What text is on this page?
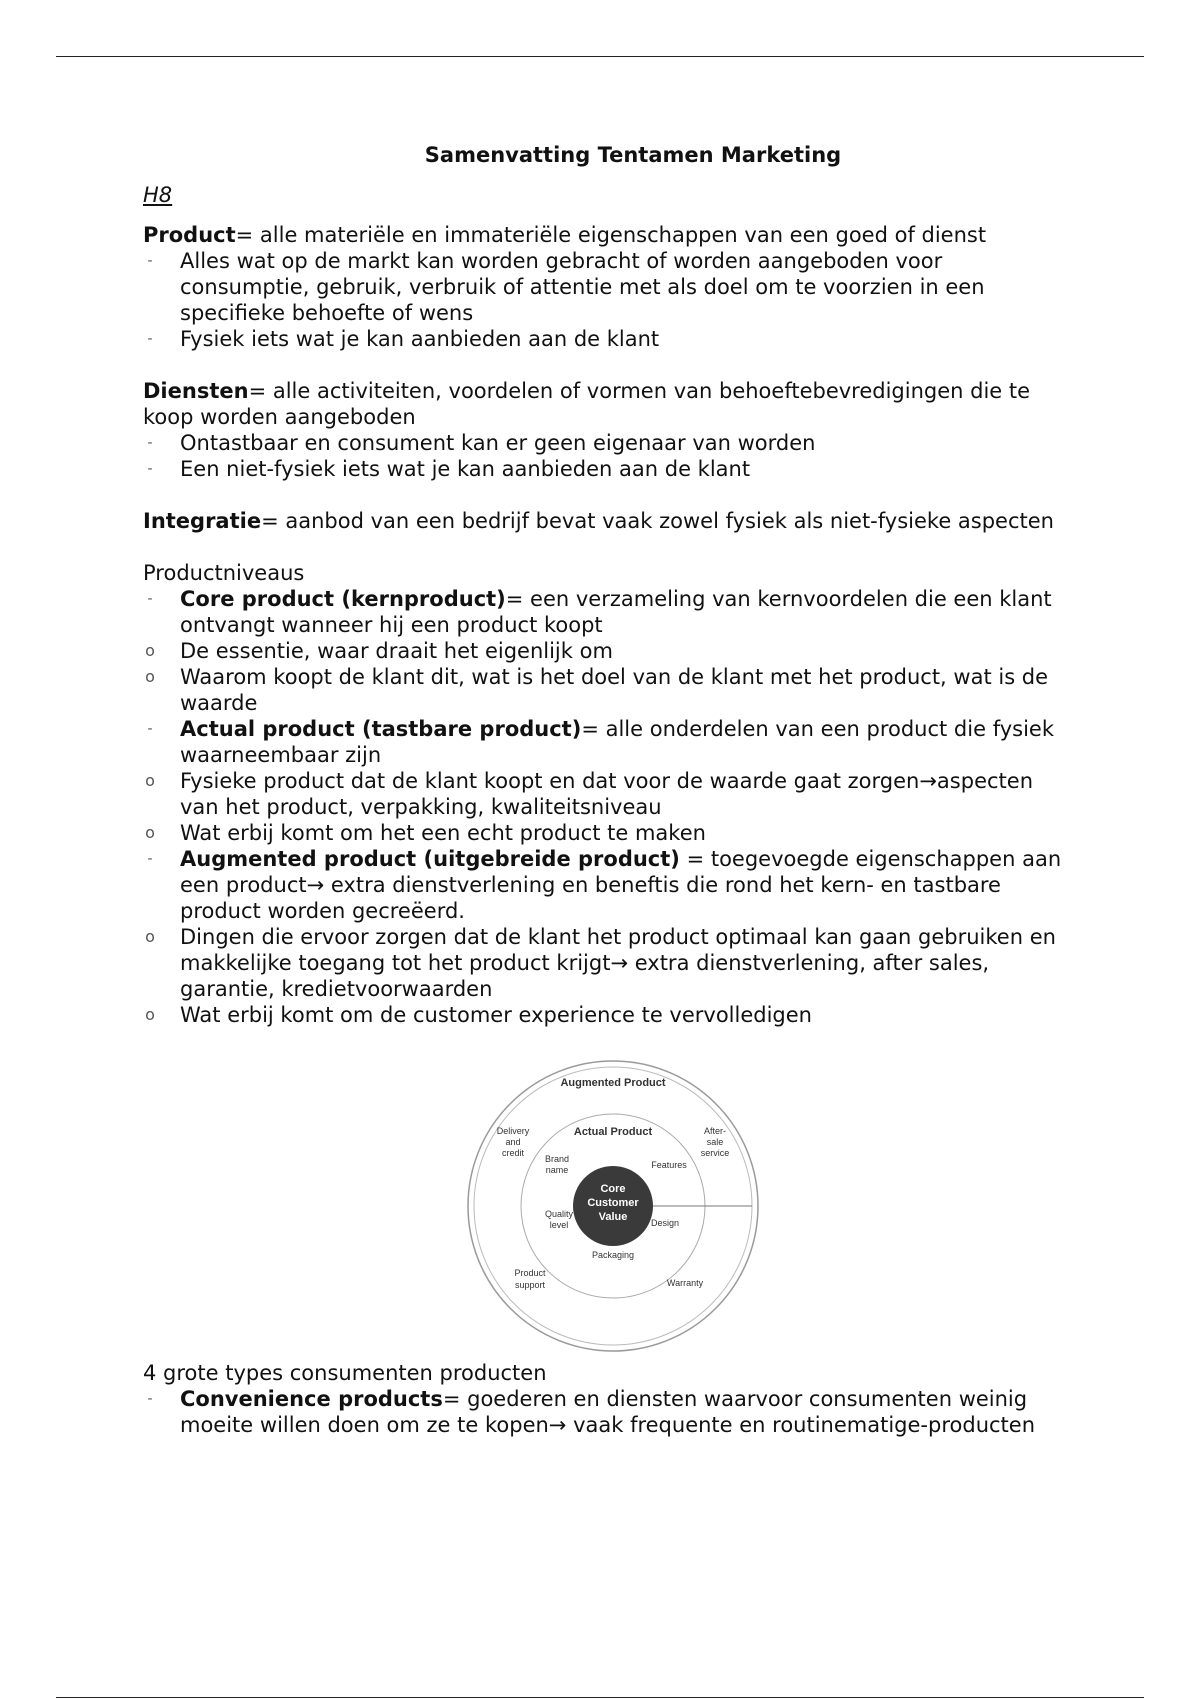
Samenvatting Tentamen Marketing
H8

Product= alle materiële en immateriële eigenschappen van een goed of dienst

- Alles wat op de markt kan worden gebracht of worden aangeboden voor consumptie, gebruik, verbruik of attentie met als doel om te voorzien in een specifieke behoefte of wens
- Fysiek iets wat je kan aanbieden aan de klant

Diensten= alle activiteiten, voordelen of vormen van behoeftebevredigingen die te koop worden aangeboden

- Ontastbaar en consument kan er geen eigenaar van worden
- Een niet-fysiek iets wat je kan aanbieden aan de klant

Integratie= aanbod van een bedrijf bevat vaak zowel fysiek als niet-fysieke aspecten

Productniveaus

- Core product (kernproduct)= een verzameling van kernvoordelen die een klant ontvangt wanneer hij een product koopt
o De essentie, waar draait het eigenlijk om
o Waarom koopt de klant dit, wat is het doel van de klant met het product, wat is de waarde
- Actual product (tastbare product)= alle onderdelen van een product die fysiek waarneembaar zijn
o Fysieke product dat de klant koopt en dat voor de waarde gaat zorgen→aspecten van het product, verpakking, kwaliteitsniveau
o Wat erbij komt om het een echt product te maken
- Augmented product (uitgebreide product) = toegevoegde eigenschappen aan een product→ extra dienstverlening en beneftis die rond het kern- en tastbare product worden gecreëerd.
o Dingen die ervoor zorgen dat de klant het product optimaal kan gaan gebruiken en makkelijke toegang tot het product krijgt→ extra dienstverlening, after sales, garantie, kredietvoorwaarden
o Wat erbij komt om de customer experience te vervolledigen
Augmented Product
Actual Product
Core
Customer
Value
Delivery
and
credit
After-
sale
service
Brand
name	Features
Quality
level	Design
Packaging
Product
support	Warranty

4 grote types consumenten producten

- Convenience products= goederen en diensten waarvoor consumenten weinig moeite willen doen om ze te kopen→ vaak frequente en routinematige-producten
